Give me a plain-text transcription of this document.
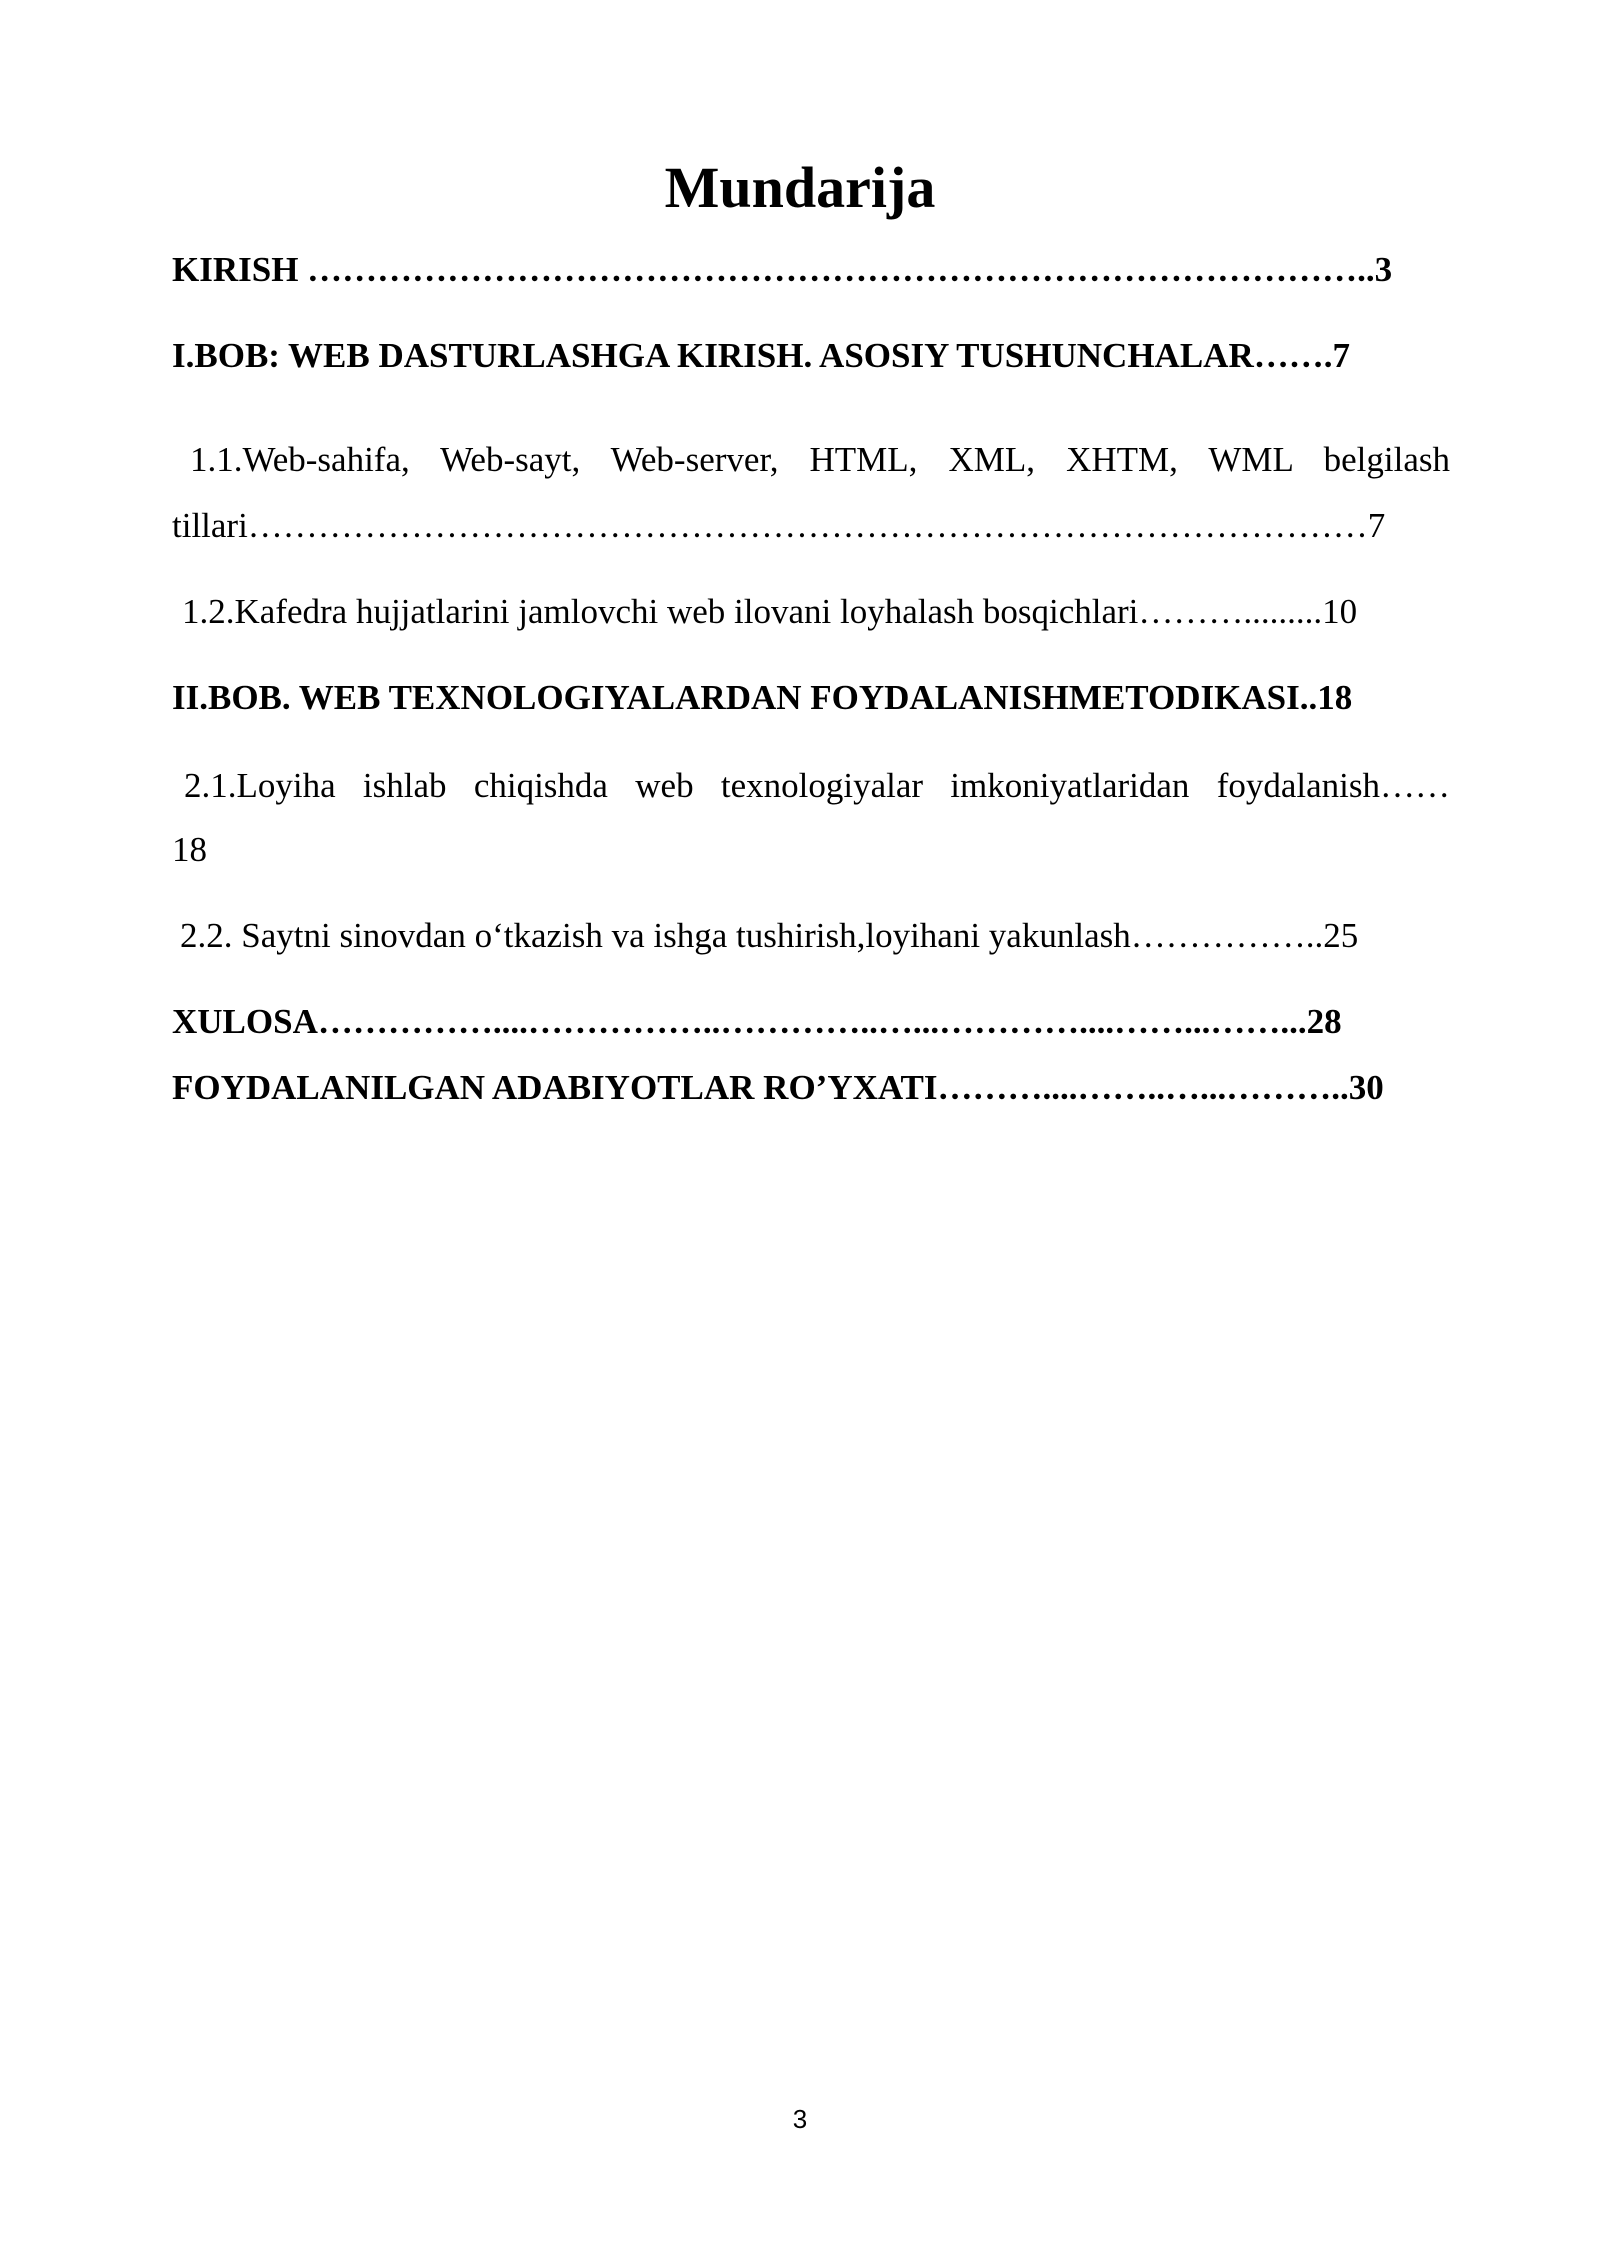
Mundarija
KIRISH ………………………………………………………………………………..3
I.BOB: WEB DASTURLASHGA KIRISH. ASOSIY TUSHUNCHALAR…….7
1.1.Web-sahifa, Web-sayt, Web-server, HTML, XML, XHTM, WML belgilash
tillari……………………………………………………………………………………7
1.2.Kafedra hujjatlarini jamlovchi web ilovani loyhalash bosqichlari……….........10
II.BOB. WEB TEXNOLOGIYALARDAN FOYDALANISHMETODIKASI..18
2.1.Loyiha ishlab chiqishda web texnologiyalar imkoniyatlaridan foydalanish……
18
2.2. Saytni sinovdan o‘tkazish va ishga tushirish,loyihani yakunlash……………..25
XULOSA……………....……………..…………..…...…………....……...……...28
FOYDALANILGAN ADABIYOTLAR RO’YXATI………....……..…...………..30
3
